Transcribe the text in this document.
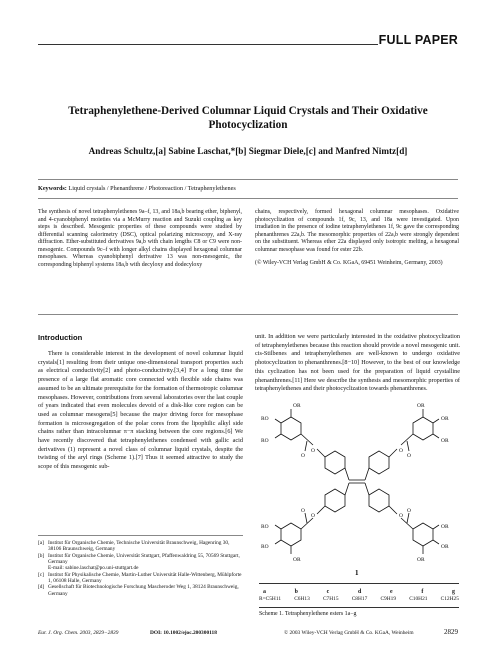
FULL PAPER
Tetraphenylethene-Derived Columnar Liquid Crystals and Their Oxidative Photocyclization
Andreas Schultz,[a] Sabine Laschat,*[b] Siegmar Diele,[c] and Manfred Nimtz[d]
Keywords: Liquid crystals / Phenanthrene / Photoreaction / Tetraphenylethenes
The synthesis of novel tetraphenylethenes 9a–f, 13, and 18a,b bearing ether, biphenyl, and 4-cyanobiphenyl moieties via a McMurry reaction and Suzuki coupling as key steps is described. Mesogenic properties of these compounds were studied by differential scanning calorimetry (DSC), optical polarizing microscopy, and X-ray diffraction. Ether-substituted derivatives 9a,b with chain lengths C8 or C9 were non-mesogenic. Compounds 9c–f with longer alkyl chains displayed hexagonal columnar mesophases. Whereas cyanobiphenyl derivative 13 was non-mesogenic, the corresponding biphenyl systems 18a,b with decyloxy and dodecyloxy
chains, respectively, formed hexagonal columnar mesophases. Oxidative photocyclization of compounds 1f, 9c, 13, and 18a were investigated. Upon irradiation in the presence of iodine tetraphenylethenes 1f, 9c gave the corresponding phenanthrenes 22a,b. The mesomorphic properties of 22a,b were strongly dependent on the substituent. Whereas ether 22a displayed only isotropic melting, a hexagonal columnar mesophase was found for ester 22b.
(© Wiley-VCH Verlag GmbH & Co. KGaA, 69451 Weinheim, Germany, 2003)
Introduction

There is considerable interest in the development of novel columnar liquid crystals[1] resulting from their unique one-dimensional transport properties such as electrical conductivity[2] and photo-conductivity.[3,4] For a long time the presence of a large flat aromatic core connected with flexible side chains was assumed to be an ultimate prerequisite for the formation of thermotropic columnar mesophases. However, contributions from several laboratories over the last couple of years indicated that even molecules devoid of a disk-like core region can be used as columnar mesogens[5] because the major driving force for mesophase formation is microsegregation of the polar cores from the lipophilic alkyl side chains rather than intracolumnar π−π stacking between the core regions.[6] We have recently discovered that tetraphenylethenes condensed with gallic acid derivatives (1) represent a novel class of columnar liquid crystals, despite the twisting of the aryl rings (Scheme 1).[7] Thus it seemed attractive to study the scope of this mesogenic sub-

unit. In addition we were particularly interested in the oxidative photocyclization of tetraphenylethenes because this reaction should provide a novel mesogenic unit. cis-Stilbenes and tetraphenylethenes are well-known to undergo oxidative photocyclization to phenanthrenes.[8−10] However, to the best of our knowledge this cyclization has not been used for the preparation of liquid crystalline phenanthrenes.[11] Here we describe the synthesis and mesomorphic properties of tetraphenylethenes and their photocyclization towards phenanthrenes.

[a] Institut für Organische Chemie, Technische Universität Braunschweig, Hagenring 30, 38106 Braunschweig, Germany
[b] Institut für Organische Chemie, Universität Stuttgart, Pfaffenwaldring 55, 70569 Stuttgart, Germany
E-mail: sabine.laschat@po.uni-stuttgart.de
[c] Institut für Physikalische Chemie, Martin-Luther Universität Halle-Wittenberg, Mühlpforte 1, 06108 Halle, Germany
[d] Gesellschaft für Biotechnologische Forschung Mascheroder Weg 1, 38124 Braunschweig, Germany
OR
RO
RO
OR
OR
OR
RO
RO
OR
OR
OR
OR
O	O
O	O
O	O
O	O
1
a	b	c	d	e	f	g
R=C5H11 C6H13 C7H15 C8H17 C9H19 C10H21 C12H25
Scheme 1. Tetraphenylethene esters 1a−g
Eur. J. Org. Chem. 2003, 2829−2839	DOI: 10.1002/ejoc.200300118	© 2003 Wiley-VCH Verlag GmbH & Co. KGaA, Weinheim	2829
